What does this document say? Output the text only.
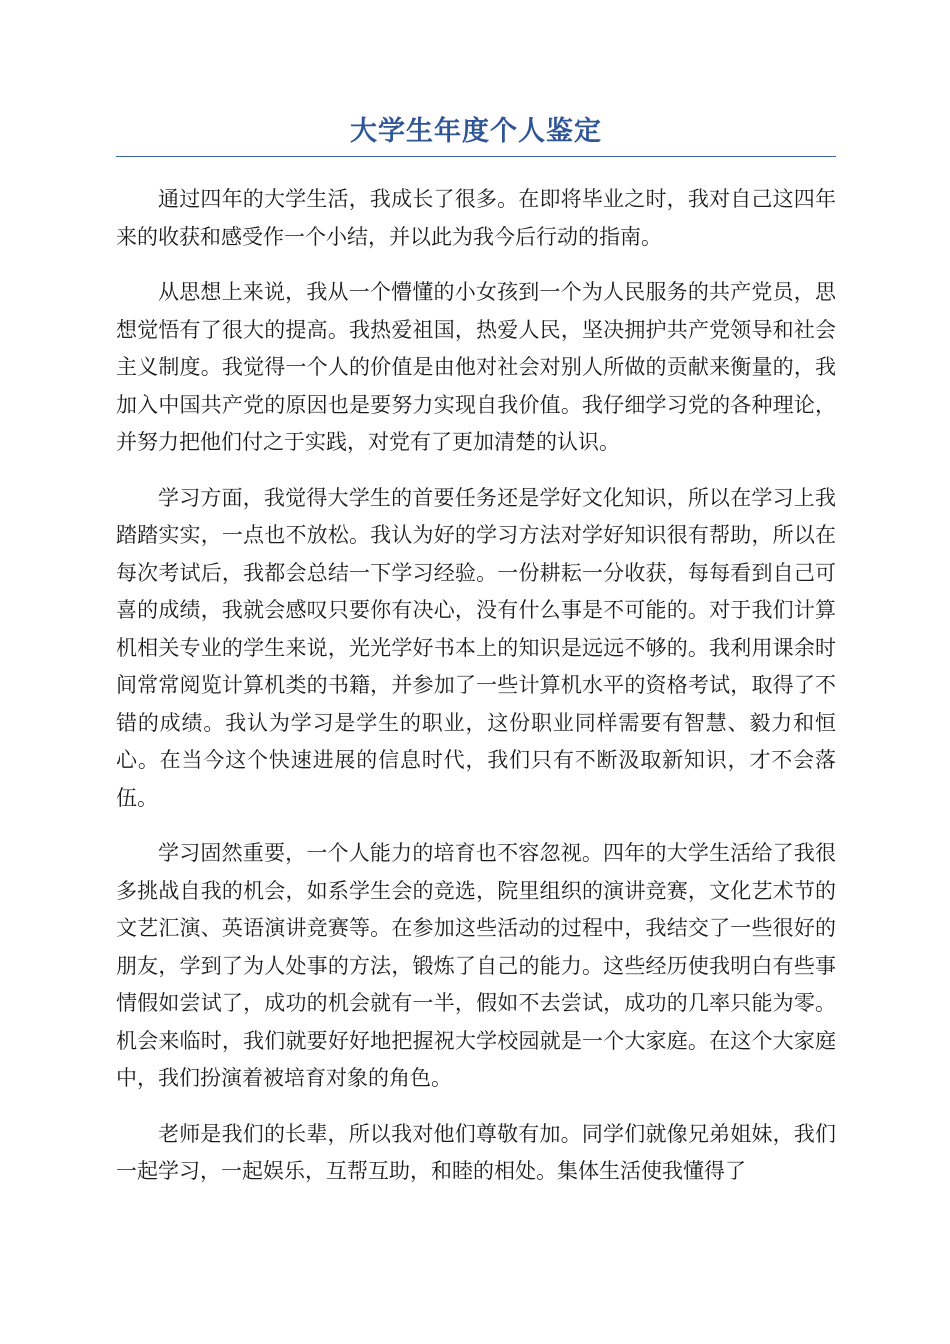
大学生年度个人鉴定

通过四年的大学生活，我成长了很多。在即将毕业之时，我对自己这四年来的收获和感受作一个小结，并以此为我今后行动的指南。

从思想上来说，我从一个懵懂的小女孩到一个为人民服务的共产党员，思想觉悟有了很大的提高。我热爱祖国，热爱人民，坚决拥护共产党领导和社会主义制度。我觉得一个人的价值是由他对社会对别人所做的贡献来衡量的，我加入中国共产党的原因也是要努力实现自我价值。我仔细学习党的各种理论，并努力把他们付之于实践，对党有了更加清楚的认识。

学习方面，我觉得大学生的首要任务还是学好文化知识，所以在学习上我踏踏实实，一点也不放松。我认为好的学习方法对学好知识很有帮助，所以在每次考试后，我都会总结一下学习经验。一份耕耘一分收获，每每看到自己可喜的成绩，我就会感叹只要你有决心，没有什么事是不可能的。对于我们计算机相关专业的学生来说，光光学好书本上的知识是远远不够的。我利用课余时间常常阅览计算机类的书籍，并参加了一些计算机水平的资格考试，取得了不错的成绩。我认为学习是学生的职业，这份职业同样需要有智慧、毅力和恒心。在当今这个快速进展的信息时代，我们只有不断汲取新知识，才不会落伍。

学习固然重要，一个人能力的培育也不容忽视。四年的大学生活给了我很多挑战自我的机会，如系学生会的竞选，院里组织的演讲竞赛，文化艺术节的文艺汇演、英语演讲竞赛等。在参加这些活动的过程中，我结交了一些很好的朋友，学到了为人处事的方法，锻炼了自己的能力。这些经历使我明白有些事情假如尝试了，成功的机会就有一半，假如不去尝试，成功的几率只能为零。机会来临时，我们就要好好地把握祝大学校园就是一个大家庭。在这个大家庭中，我们扮演着被培育对象的角色。

老师是我们的长辈，所以我对他们尊敬有加。同学们就像兄弟姐妹，我们一起学习，一起娱乐，互帮互助，和睦的相处。集体生活使我懂得了
